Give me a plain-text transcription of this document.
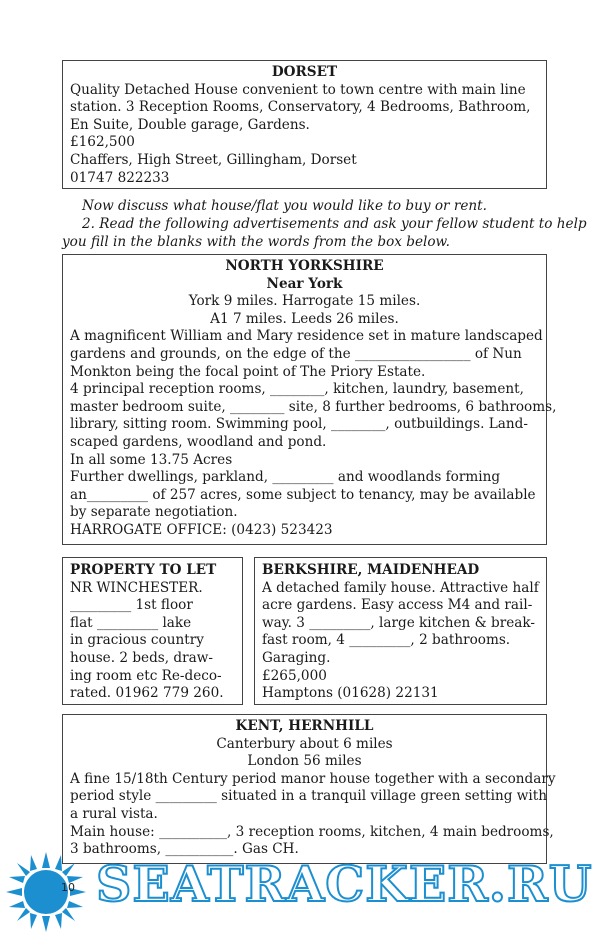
DORSET
Quality Detached House convenient to town centre with main line
station. 3 Reception Rooms, Conservatory, 4 Bedrooms, Bathroom,
En Suite, Double garage, Gardens.
£162,500
Chaffers, High Street, Gillingham, Dorset
01747 822233
Now discuss what house/flat you would like to buy or rent.
2. Read the following advertisements and ask your fellow student to help
you fill in the blanks with the words from the box below.
NORTH YORKSHIRE
Near York
York 9 miles. Harrogate 15 miles.
A1 7 miles. Leeds 26 miles.
A magnificent William and Mary residence set in mature landscaped
gardens and grounds, on the edge of the _________________ of Nun
Monkton being the focal point of The Priory Estate.
4 principal reception rooms, ________, kitchen, laundry, basement,
master bedroom suite, ________ site, 8 further bedrooms, 6 bathrooms,
library, sitting room. Swimming pool, ________, outbuildings. Land-
scaped gardens, woodland and pond.
In all some 13.75 Acres
Further dwellings, parkland, _________ and woodlands forming
an_________ of 257 acres, some subject to tenancy, may be available
by separate negotiation.
HARROGATE OFFICE: (0423) 523423
PROPERTY TO LET
NR WINCHESTER.
_________ 1st floor
flat _________ lake
in gracious country
house. 2 beds, draw-
ing room etc Re-deco-
rated. 01962 779 260.
BERKSHIRE, MAIDENHEAD
A detached family house. Attractive half
acre gardens. Easy access M4 and rail-
way. 3 _________, large kitchen & break-
fast room, 4 _________, 2 bathrooms.
Garaging.
£265,000
Hamptons (01628) 22131
KENT, HERNHILL
Canterbury about 6 miles
London 56 miles
A fine 15/18th Century period manor house together with a secondary
period style _________ situated in a tranquil village green setting with
a rural vista.
Main house: __________, 3 reception rooms, kitchen, 4 main bedrooms,
3 bathrooms, __________. Gas CH.
10 SEATRACKER.RU
